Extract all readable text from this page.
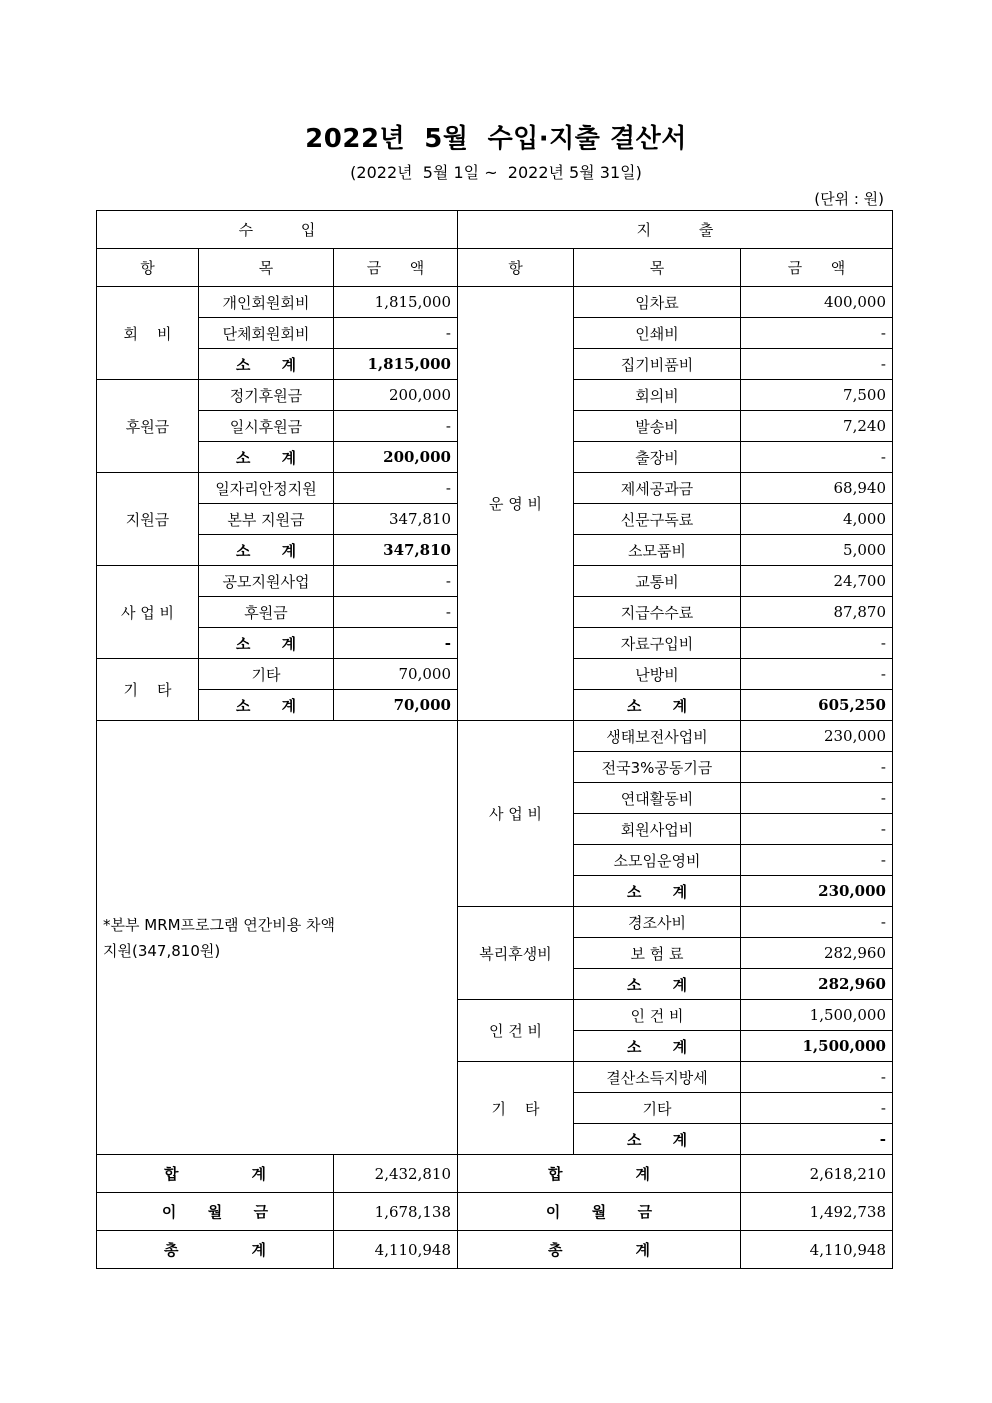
2022년  5월  수입·지출 결산서
(2022년  5월 1일 ~  2022년 5월 31일)
(단위 : 원)
수          입			지          출		
항	목	금      액	항	목	금      액
회    비	개인회원회비	1,815,000	운 영 비	임차료	400,000
	단체회원회비	-		인쇄비	-
	소      계	1,815,000		집기비품비	-
후원금	정기후원금	200,000		회의비	7,500
	일시후원금	-		발송비	7,240
	소      계	200,000		출장비	-
지원금	일자리안정지원	-		제세공과금	68,940
	본부 지원금	347,810		신문구독료	4,000
	소      계	347,810		소모품비	5,000
사 업 비	공모지원사업	-		교통비	24,700
	후원금	-		지급수수료	87,870
	소      계	-		자료구입비	-
기    타	기타	70,000		난방비	-
	소      계	70,000		소      계	605,250

*본부 MRM프로그램 연간비용 차액
지원(347,810원)			사 업 비	생태보전사업비	230,000
				전국3%공동기금	-
				연대활동비	-
				회원사업비	-
				소모임운영비	-
				소      계	230,000
			복리후생비	경조사비	-
				보 험 료	282,960
				소      계	282,960
			인 건 비	인 건 비	1,500,000
				소      계	1,500,000
			기    타	결산소득지방세	-
				기타	-
				소      계	-
합              계		2,432,810	합              계		2,618,210
이      월      금		1,678,138	이      월      금		1,492,738
총              계		4,110,948	총              계		4,110,948
